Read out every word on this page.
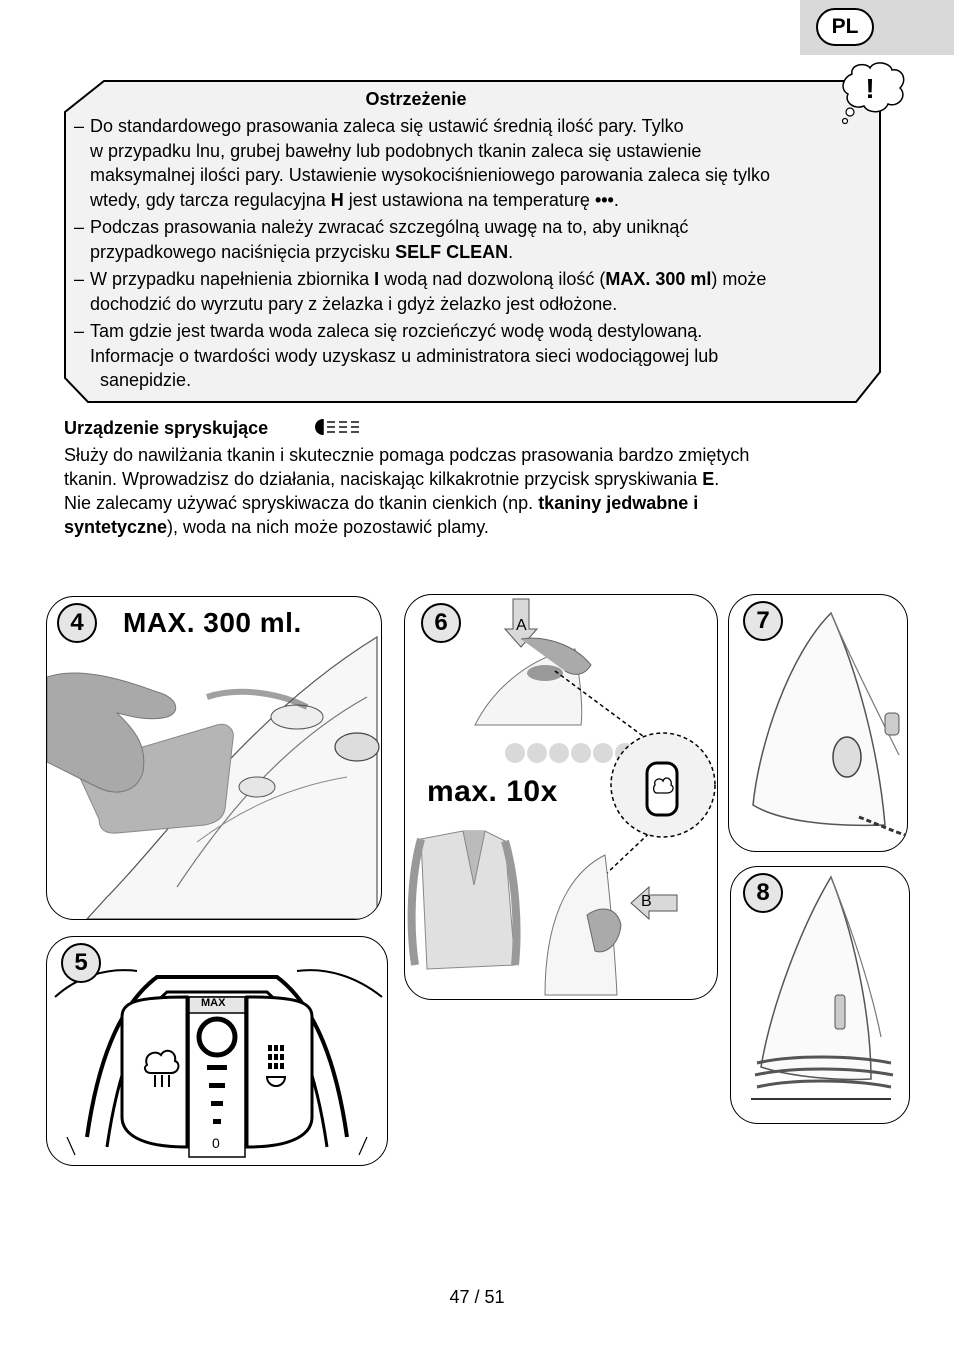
PL
!
Ostrzeżenie
– Do standardowego prasowania zaleca się ustawić średnią ilość pary. Tylko
w przypadku lnu, grubej bawełny lub podobnych tkanin zaleca się ustawienie
maksymalnej ilości pary. Ustawienie wysokociśnieniowego parowania zaleca się tylko
wtedy, gdy tarcza regulacyjna H jest ustawiona na temperaturę •••.
– Podczas prasowania należy zwracać szczególną uwagę na to, aby uniknąć
przypadkowego naciśnięcia przycisku SELF CLEAN.
– W przypadku napełnienia zbiornika I wodą nad dozwoloną ilość (MAX. 300 ml) może
dochodzić do wyrzutu pary z żelazka i gdyż żelazko jest odłożone.
– Tam gdzie jest twarda woda zaleca się rozcieńczyć wodę wodą destylowaną.
Informacje o twardości wody uzyskasz u administratora sieci wodociągowej lub
sanepidzie.
Urządzenie spryskujące
Służy do nawilżania tkanin i skutecznie pomaga podczas prasowania bardzo zmiętych
tkanin. Wprowadzisz do działania, naciskając kilkakrotnie przycisk spryskiwania E.
Nie zalecamy używać spryskiwacza do tkanin cienkich (np. tkaniny jedwabne i
syntetyczne), woda na nich może pozostawić plamy.
4	MAX. 300 ml.
5
MAX
0
6	A
B
max. 10x
7
8
47 / 51
